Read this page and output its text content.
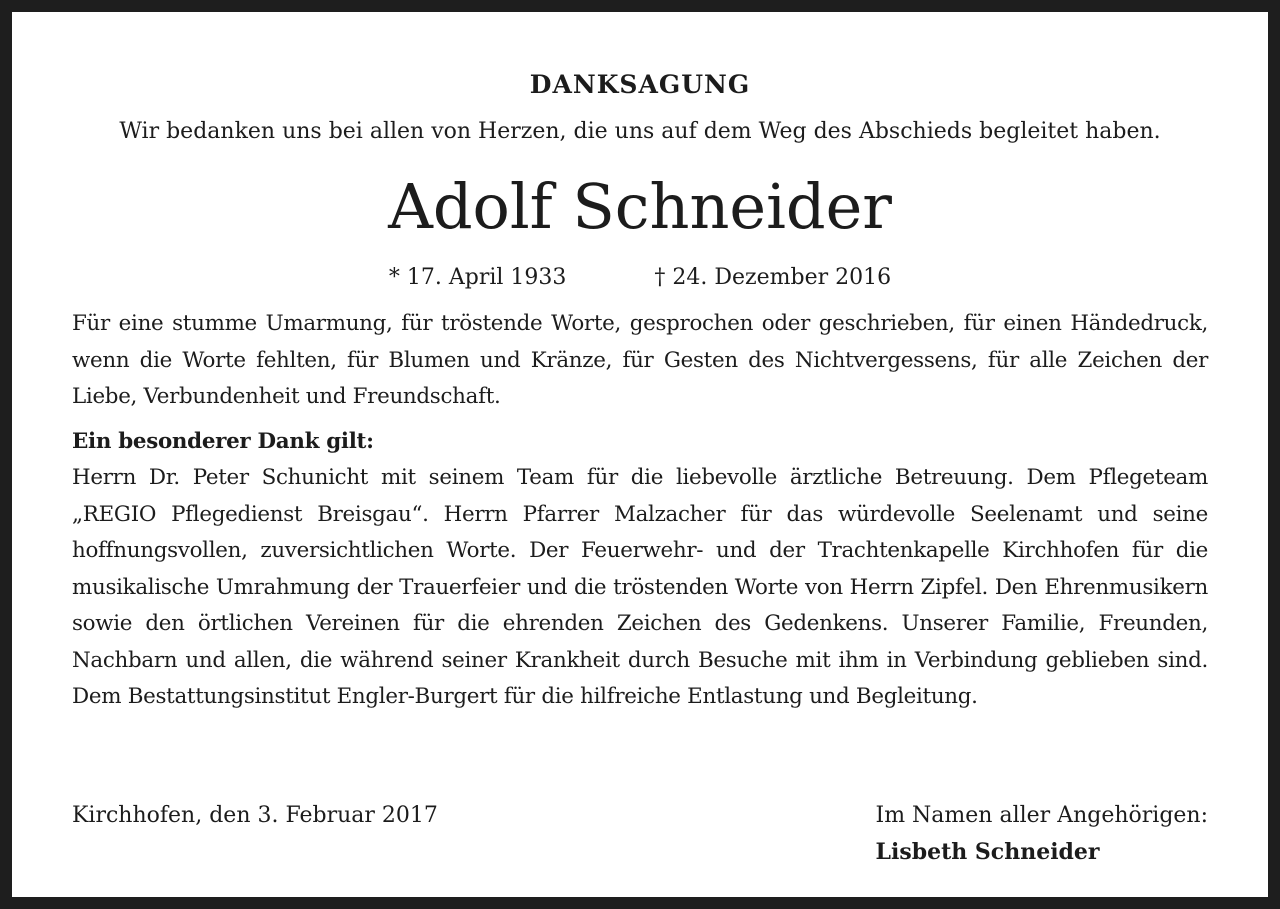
DANKSAGUNG

Wir bedanken uns bei allen von Herzen, die uns auf dem Weg des Abschieds begleitet haben.

Adolf Schneider
* 17. April 1933	† 24. Dezember 2016

Für eine stumme Umarmung, für tröstende Worte, gesprochen oder geschrieben, für einen Händedruck, wenn die Worte fehlten, für Blumen und Kränze, für Gesten des Nichtvergessens, für alle Zeichen der Liebe, Verbundenheit und Freundschaft.

Ein besonderer Dank gilt:
Herrn Dr. Peter Schunicht mit seinem Team für die liebevolle ärztliche Betreuung. Dem Pflegeteam „REGIO Pflegedienst Breisgau“. Herrn Pfarrer Malzacher für das würdevolle Seelenamt und seine hoffnungsvollen, zuversichtlichen Worte. Der Feuerwehr- und der Trachtenkapelle Kirchhofen für die musikalische Umrahmung der Trauerfeier und die tröstenden Worte von Herrn Zipfel. Den Ehrenmusikern sowie den örtlichen Vereinen für die ehrenden Zeichen des Gedenkens. Unserer Familie, Freunden, Nachbarn und allen, die während seiner Krankheit durch Besuche mit ihm in Verbindung geblieben sind. Dem Bestattungsinstitut Engler-Burgert für die hilfreiche Entlastung und Begleitung.

Kirchhofen, den 3. Februar 2017	Im Namen aller Angehörigen:
Lisbeth Schneider
